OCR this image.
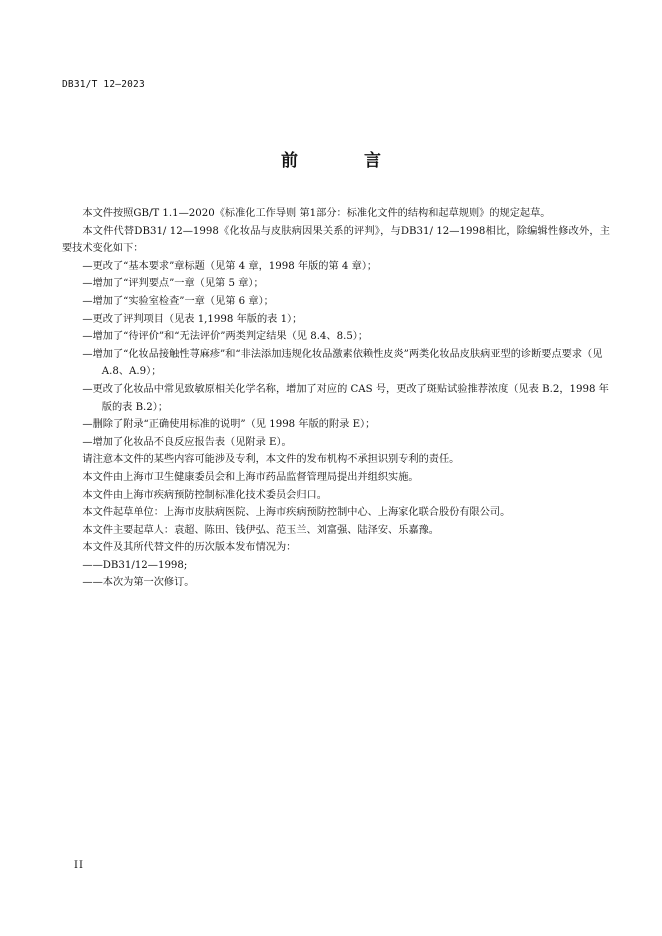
DB31/T 12—2023
前 言

本文件按照GB/T 1.1—2020《标准化工作导则 第1部分：标准化文件的结构和起草规则》的规定起草。

本文件代替DB31/ 12—1998《化妆品与皮肤病因果关系的评判》，与DB31/ 12—1998相比，除编辑性修改外，主要技术变化如下：

—更改了“基本要求”章标题（见第 4 章，1998 年版的第 4 章）；

—增加了“评判要点”一章（见第 5 章）；

—增加了“实验室检查”一章（见第 6 章）；

—更改了评判项目（见表 1,1998 年版的表 1）；

—增加了“待评价”和“无法评价”两类判定结果（见 8.4、8.5）；

—增加了“化妆品接触性荨麻疹”和“非法添加违规化妆品激素依赖性皮炎”两类化妆品皮肤病亚型的诊断要点要求（见 A.8、A.9）；

—更改了化妆品中常见致敏原相关化学名称，增加了对应的 CAS 号，更改了斑贴试验推荐浓度（见表 B.2，1998 年版的表 B.2）；

—删除了附录“正确使用标准的说明”（见 1998 年版的附录 E）；

—增加了化妆品不良反应报告表（见附录 E）。

请注意本文件的某些内容可能涉及专利，本文件的发布机构不承担识别专利的责任。

本文件由上海市卫生健康委员会和上海市药品监督管理局提出并组织实施。

本文件由上海市疾病预防控制标准化技术委员会归口。

本文件起草单位：上海市皮肤病医院、上海市疾病预防控制中心、上海家化联合股份有限公司。

本文件主要起草人：袁超、陈田、钱伊弘、范玉兰、刘富强、陆泽安、乐嘉豫。

本文件及其所代替文件的历次版本发布情况为：

——DB31/12—1998;

——本次为第一次修订。

II
